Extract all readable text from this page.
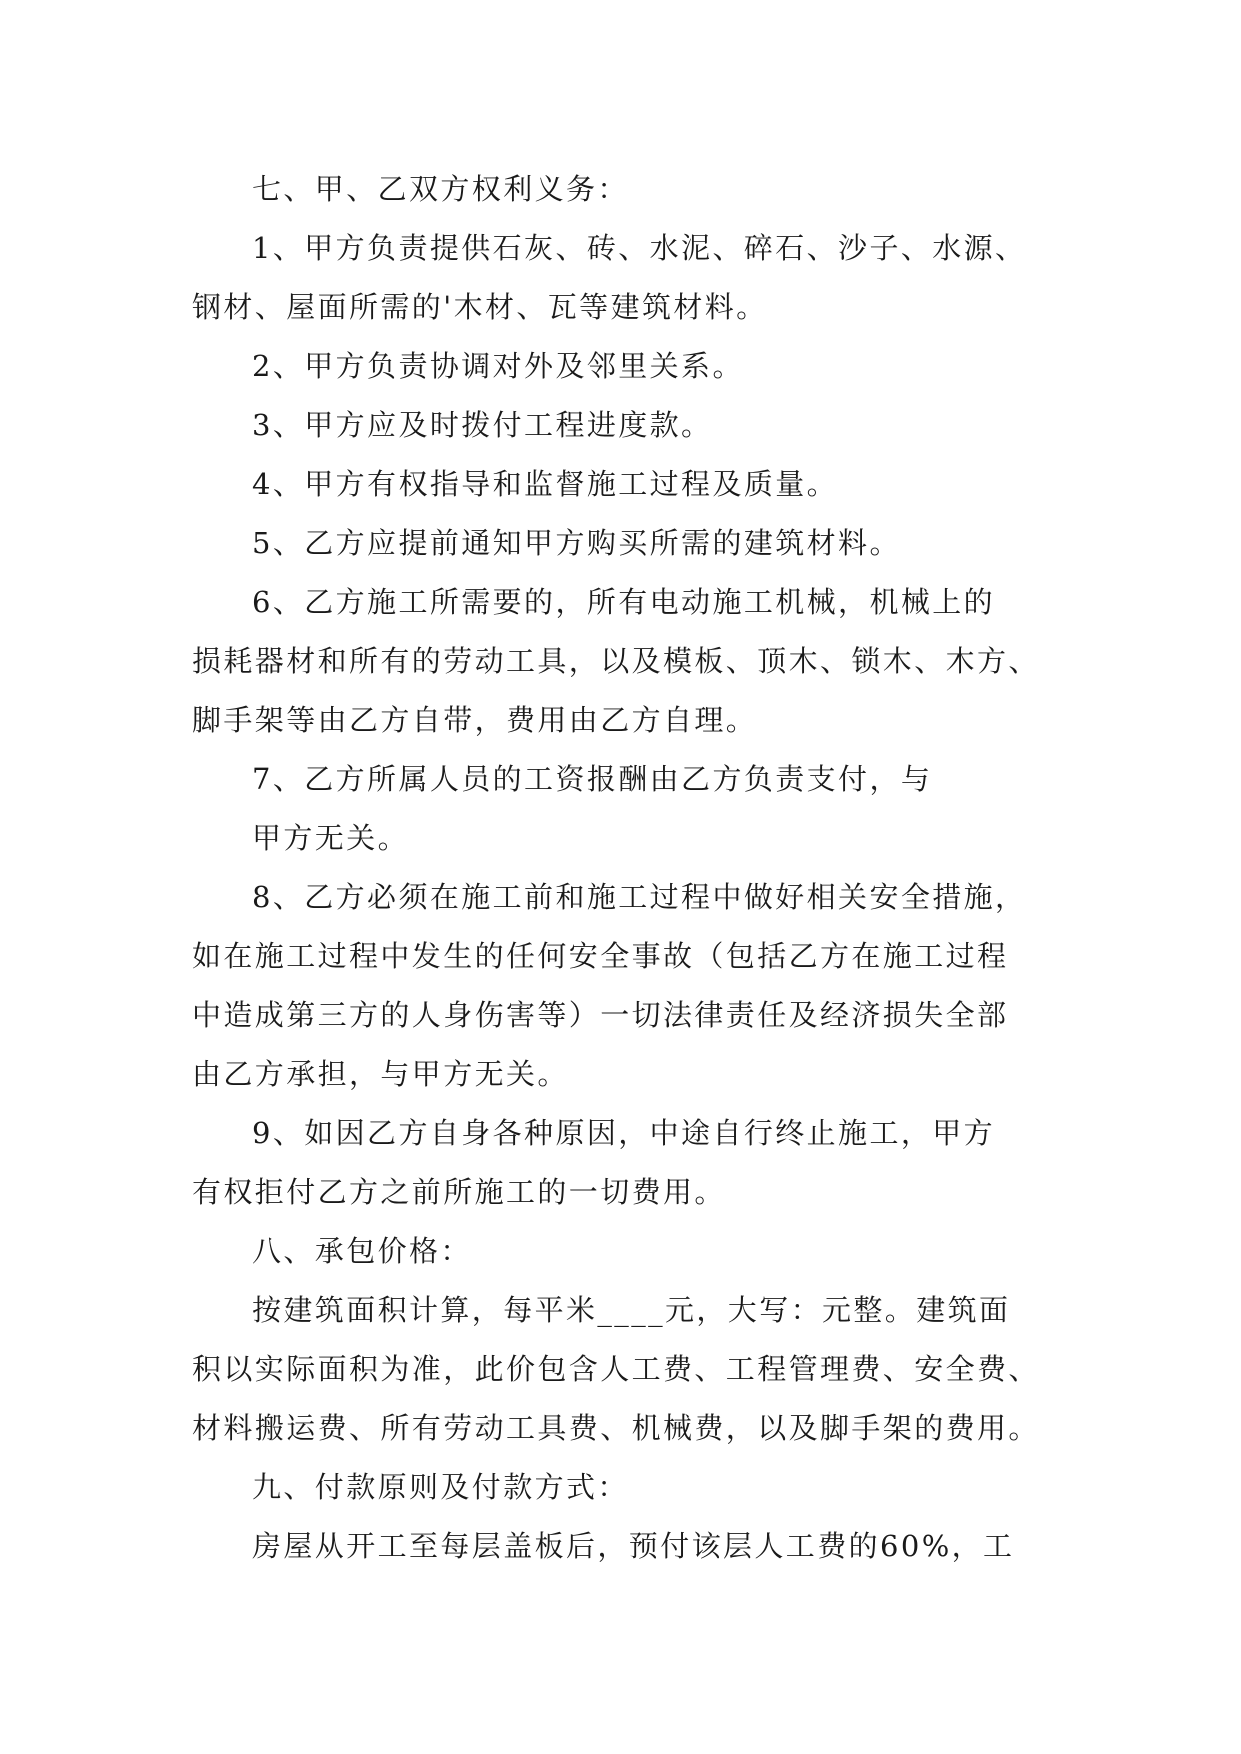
七、甲、乙双方权利义务：
1、甲方负责提供石灰、砖、水泥、碎石、沙子、水源、
钢材、屋面所需的'木材、瓦等建筑材料。
2、甲方负责协调对外及邻里关系。
3、甲方应及时拨付工程进度款。
4、甲方有权指导和监督施工过程及质量。
5、乙方应提前通知甲方购买所需的建筑材料。
6、乙方施工所需要的，所有电动施工机械，机械上的
损耗器材和所有的劳动工具，以及模板、顶木、锁木、木方、
脚手架等由乙方自带，费用由乙方自理。
7、乙方所属人员的工资报酬由乙方负责支付，与
甲方无关。
8、乙方必须在施工前和施工过程中做好相关安全措施，
如在施工过程中发生的任何安全事故（包括乙方在施工过程
中造成第三方的人身伤害等）一切法律责任及经济损失全部
由乙方承担，与甲方无关。
9、如因乙方自身各种原因，中途自行终止施工，甲方
有权拒付乙方之前所施工的一切费用。
八、承包价格：
按建筑面积计算，每平米____元，大写：元整。建筑面
积以实际面积为准，此价包含人工费、工程管理费、安全费、
材料搬运费、所有劳动工具费、机械费，以及脚手架的费用。
九、付款原则及付款方式：
房屋从开工至每层盖板后，预付该层人工费的60%，工
